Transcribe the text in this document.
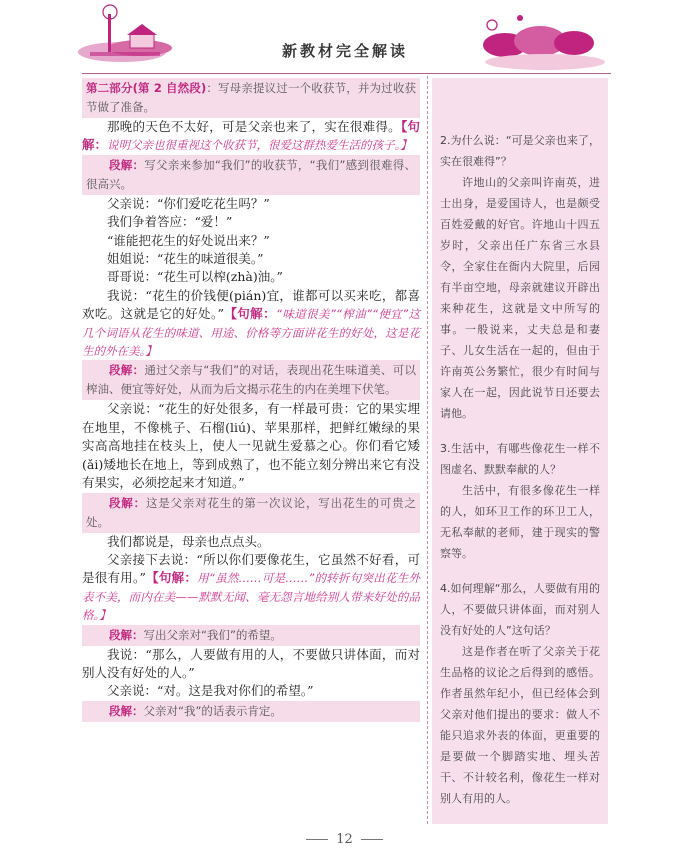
新教材完全解读

第二部分(第 2 自然段)：写母亲提议过一个收获节，并为过收获节做了准备。

那晚的天色不太好，可是父亲也来了，实在很难得。【句解：说明父亲也很重视这个收获节，很爱这群热爱生活的孩子。】

段解：写父亲来参加“我们”的收获节，“我们”感到很难得、很高兴。

父亲说：“你们爱吃花生吗？”

我们争着答应：“爱！”

“谁能把花生的好处说出来？”

姐姐说：“花生的味道很美。”

哥哥说：“花生可以榨(zhà)油。”

我说：“花生的价钱便(pián)宜，谁都可以买来吃，都喜欢吃。这就是它的好处。”【句解：“味道很美”“榨油”“便宜”这几个词语从花生的味道、用途、价格等方面讲花生的好处，这是花生的外在美。】

段解：通过父亲与“我们”的对话，表现出花生味道美、可以榨油、便宜等好处，从而为后文揭示花生的内在美埋下伏笔。

父亲说：“花生的好处很多，有一样最可贵：它的果实埋在地里，不像桃子、石榴(liú)、苹果那样，把鲜红嫩绿的果实高高地挂在枝头上，使人一见就生爱慕之心。你们看它矮(ǎi)矮地长在地上，等到成熟了，也不能立刻分辨出来它有没有果实，必须挖起来才知道。”

段解：这是父亲对花生的第一次议论，写出花生的可贵之处。

我们都说是，母亲也点点头。

父亲接下去说：“所以你们要像花生，它虽然不好看，可是很有用。”【句解：用“虽然……可是……”的转折句突出花生外表不美，而内在美——默默无闻、毫无怨言地给别人带来好处的品格。】

段解：写出父亲对“我们”的希望。

我说：“那么，人要做有用的人，不要做只讲体面，而对别人没有好处的人。”

父亲说：“对。这是我对你们的希望。”

段解：父亲对“我”的话表示肯定。

2.为什么说：“可是父亲也来了，实在很难得”？

许地山的父亲叫许南英，进士出身，是爱国诗人，也是颇受百姓爱戴的好官。许地山十四五岁时，父亲出任广东省三水县令，全家住在衙内大院里，后园有半亩空地，母亲就建议开辟出来种花生，这就是文中所写的事。一般说来，丈夫总是和妻子、儿女生活在一起的，但由于许南英公务繁忙，很少有时间与家人在一起，因此说节日还要去请他。

3.生活中，有哪些像花生一样不图虚名、默默奉献的人？

生活中，有很多像花生一样的人，如环卫工作的环卫工人，无私奉献的老师，建于现实的警察等。

4.如何理解“那么，人要做有用的人，不要做只讲体面，而对别人没有好处的人”这句话？

这是作者在听了父亲关于花生品格的议论之后得到的感悟。作者虽然年纪小，但已经体会到父亲对他们提出的要求：做人不能只追求外表的体面，更重要的是要做一个脚踏实地、埋头苦干、不计较名利，像花生一样对别人有用的人。

12
